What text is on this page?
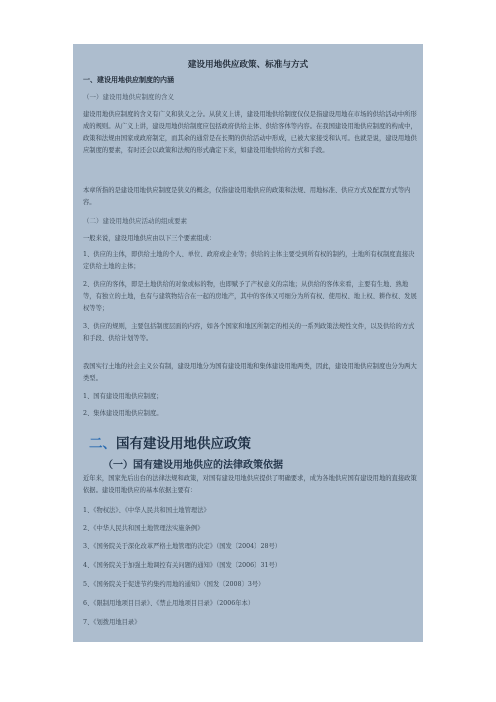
建设用地供应政策、标准与方式
一、建设用地供应制度的内涵
（一）建设用地供应制度的含义
建设用地供应制度的含义有广义和狭义之分。从狭义上讲，建设用地供给制度仅仅是指建设用地在市场的供给活动中所形成的规则。从广义上讲，建设用地供给制度应包括政府供给主体、供给客体等内容。在我国建设用地供应制度的构成中，政策和法规由国家或政府制定，而其余的通常是在长期的供给活动中形成，已被大家接受和认可。也就是说，建设用地供应制度的要素，有时还会以政策和法规的形式确定下来，如建设用地供给的方式和手段。
本章所指的是建设用地供应制度是狭义的概念，仅指建设用地供应的政策和法规、用地标准、供应方式及配置方式等内容。
（二）建设用地供应活动的组成要素
一般来说，建设用地供应由以下三个要素组成：
1、供应的主体，即供给土地的个人、单位、政府或企业等；供给的主体主要受到所有权的制约，土地所有权制度直接决定供给土地的主体；
2、供应的客体，即是土地供给的对象或标的物，也即赋予了产权意义的宗地；从供给的客体来看，主要有生地、熟地等，有独立的土地，也有与建筑物结合在一起的房地产，其中的客体又可细分为所有权、使用权、地上权、耕作权、发展权等等；
3、供应的规则，主要包括制度层面的内容，如各个国家和地区所制定的相关的一系列政策法规性文件，以及供给的方式和手段、供给计划等等。
我国实行土地的社会主义公有制，建设用地分为国有建设用地和集体建设用地两类，因此，建设用地供应制度也分为两大类型。
1、国有建设用地供应制度；
2、集体建设用地供应制度。
二、国有建设用地供应政策
（一）国有建设用地供应的法律政策依据
近年来，国家先后出台的法律法规和政策，对国有建设用地供应提供了明确要求，成为各地供应国有建设用地的直接政策依据。建设用地供应的基本依据主要有：
1、《物权法》、《中华人民共和国土地管理法》
2、《中华人民共和国土地管理法实施条例》
3、《国务院关于深化改革严格土地管理的决定》（国发〔2004〕28号）
4、《国务院关于加强土地调控有关问题的通知》（国发〔2006〕31号）
5、《国务院关于促进节约集约用地的通知》（国发〔2008〕3号）
6、《限制用地项目目录》、《禁止用地项目目录》（2006年本）
7、《划拨用地目录》
